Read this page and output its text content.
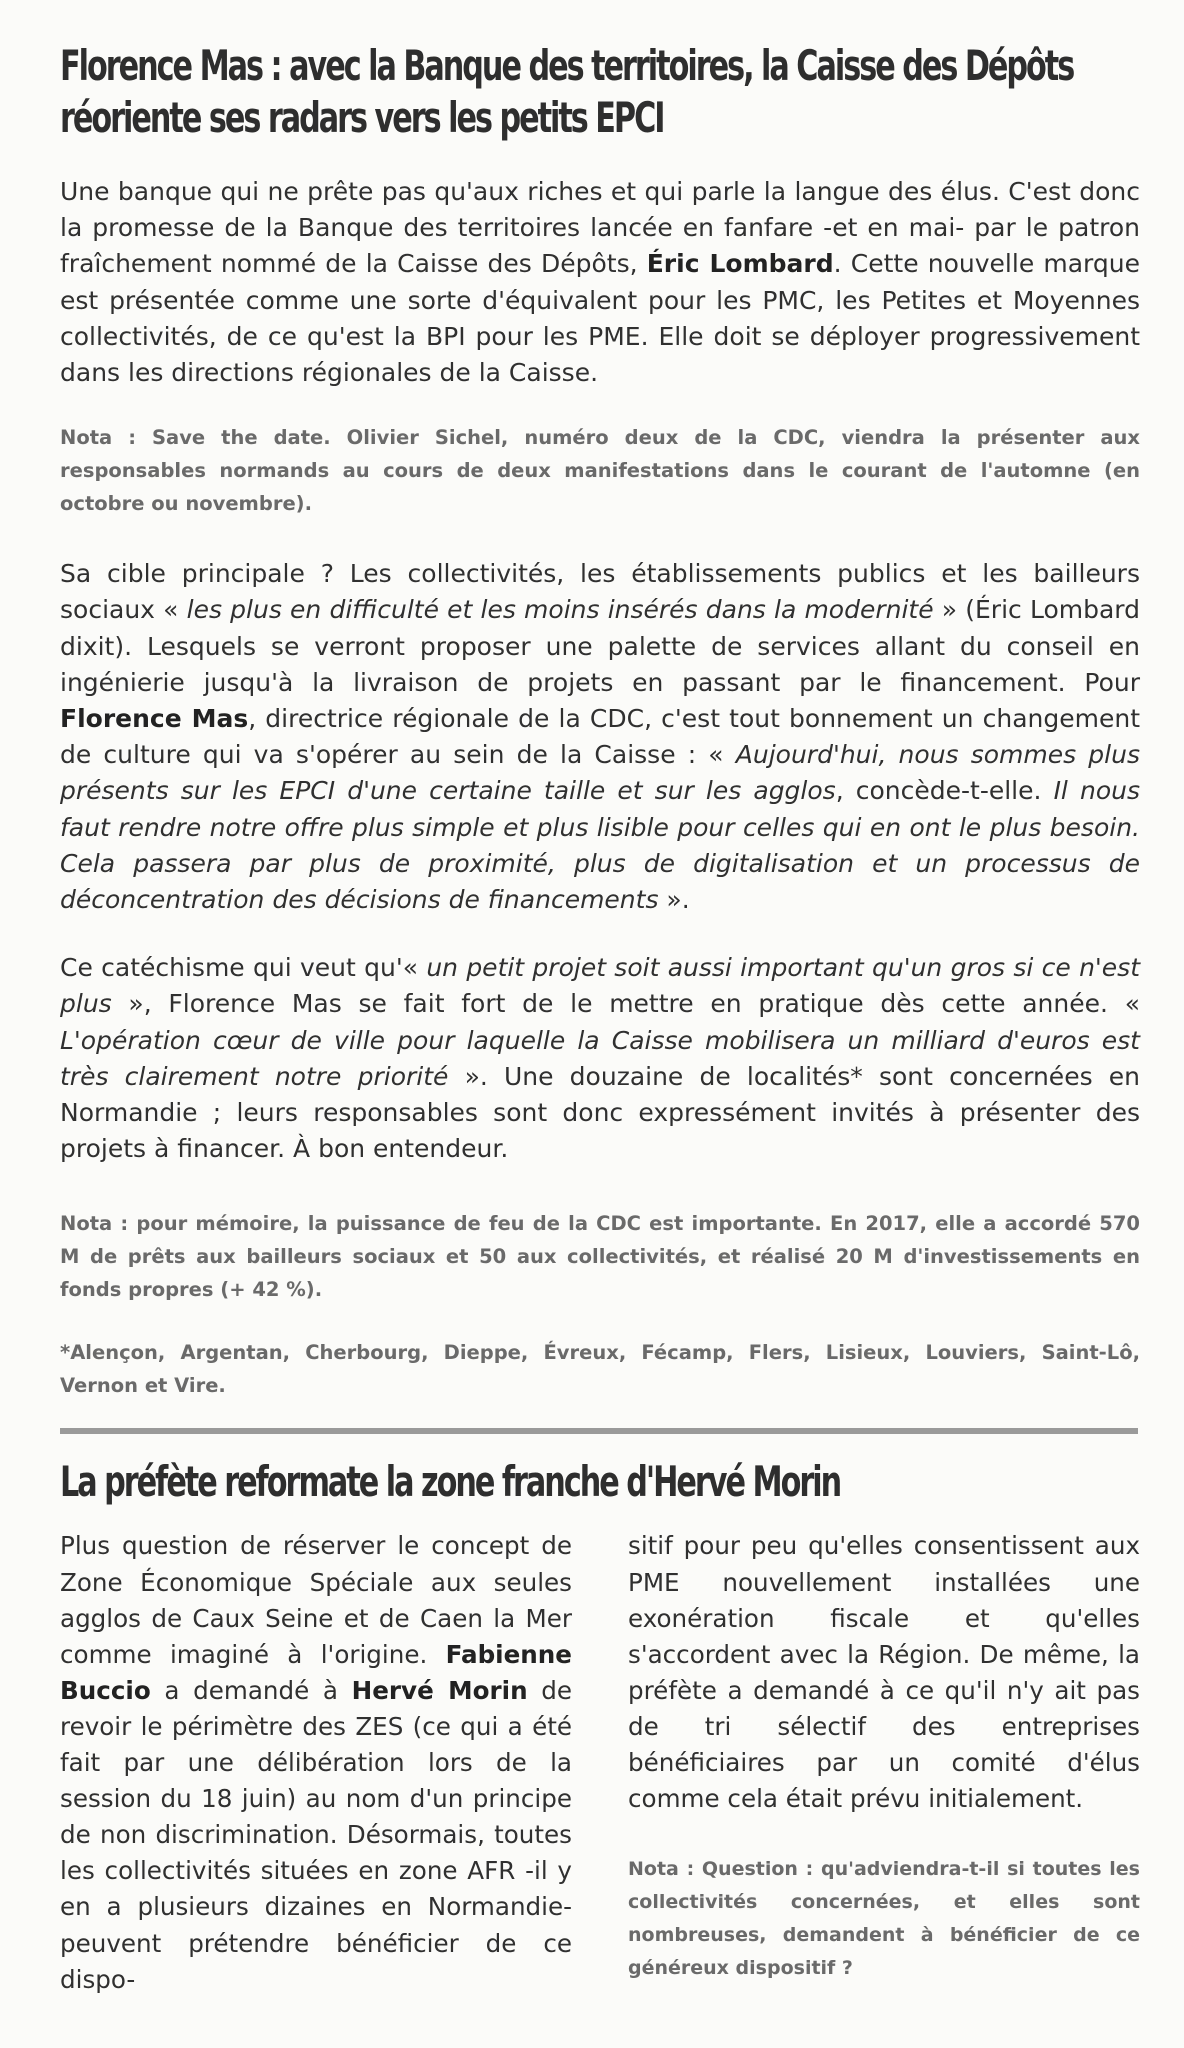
Florence Mas : avec la Banque des territoires, la Caisse des Dépôts réoriente ses radars vers les petits EPCI

Une banque qui ne prête pas qu'aux riches et qui parle la langue des élus. C'est donc la promesse de la Banque des territoires lancée en fanfare -et en mai- par le patron fraîchement nommé de la Caisse des Dépôts, Éric Lombard. Cette nouvelle marque est présentée comme une sorte d'équivalent pour les PMC, les Petites et Moyennes collectivités, de ce qu'est la BPI pour les PME. Elle doit se déployer progressivement dans les directions régionales de la Caisse.

Nota : Save the date. Olivier Sichel, numéro deux de la CDC, viendra la présenter aux responsables normands au cours de deux manifestations dans le courant de l'automne (en octobre ou novembre).

Sa cible principale ? Les collectivités, les établissements publics et les bailleurs sociaux « les plus en difficulté et les moins insérés dans la modernité » (Éric Lombard dixit). Lesquels se verront proposer une palette de services allant du conseil en ingénierie jusqu'à la livraison de projets en passant par le financement. Pour Florence Mas, directrice régionale de la CDC, c'est tout bonnement un changement de culture qui va s'opérer au sein de la Caisse : « Aujourd'hui, nous sommes plus présents sur les EPCI d'une certaine taille et sur les agglos, concède-t-elle. Il nous faut rendre notre offre plus simple et plus lisible pour celles qui en ont le plus besoin. Cela passera par plus de proximité, plus de digitalisation et un processus de déconcentration des décisions de financements ».

Ce catéchisme qui veut qu'« un petit projet soit aussi important qu'un gros si ce n'est plus », Florence Mas se fait fort de le mettre en pratique dès cette année. « L'opération cœur de ville pour laquelle la Caisse mobilisera un milliard d'euros est très clairement notre priorité ». Une douzaine de localités* sont concernées en Normandie ; leurs responsables sont donc expressément invités à présenter des projets à financer. À bon entendeur.

Nota : pour mémoire, la puissance de feu de la CDC est importante. En 2017, elle a accordé 570 M de prêts aux bailleurs sociaux et 50 aux collectivités, et réalisé 20 M d'investissements en fonds propres (+ 42 %).

*Alençon, Argentan, Cherbourg, Dieppe, Évreux, Fécamp, Flers, Lisieux, Louviers, Saint-Lô, Vernon et Vire.

La préfète reformate la zone franche d'Hervé Morin

Plus question de réserver le concept de Zone Économique Spéciale aux seules agglos de Caux Seine et de Caen la Mer comme imaginé à l'origine. Fabienne Buccio a demandé à Hervé Morin de revoir le périmètre des ZES (ce qui a été fait par une délibération lors de la session du 18 juin) au nom d'un principe de non discrimination. Désormais, toutes les collectivités situées en zone AFR -il y en a plusieurs dizaines en Normandie- peuvent prétendre bénéficier de ce dispo-

sitif pour peu qu'elles consentissent aux PME nouvellement installées une exonération fiscale et qu'elles s'accordent avec la Région. De même, la préfète a demandé à ce qu'il n'y ait pas de tri sélectif des entreprises bénéficiaires par un comité d'élus comme cela était prévu initialement.

Nota : Question : qu'adviendra-t-il si toutes les collectivités concernées, et elles sont nombreuses, demandent à bénéficier de ce généreux dispositif ?
